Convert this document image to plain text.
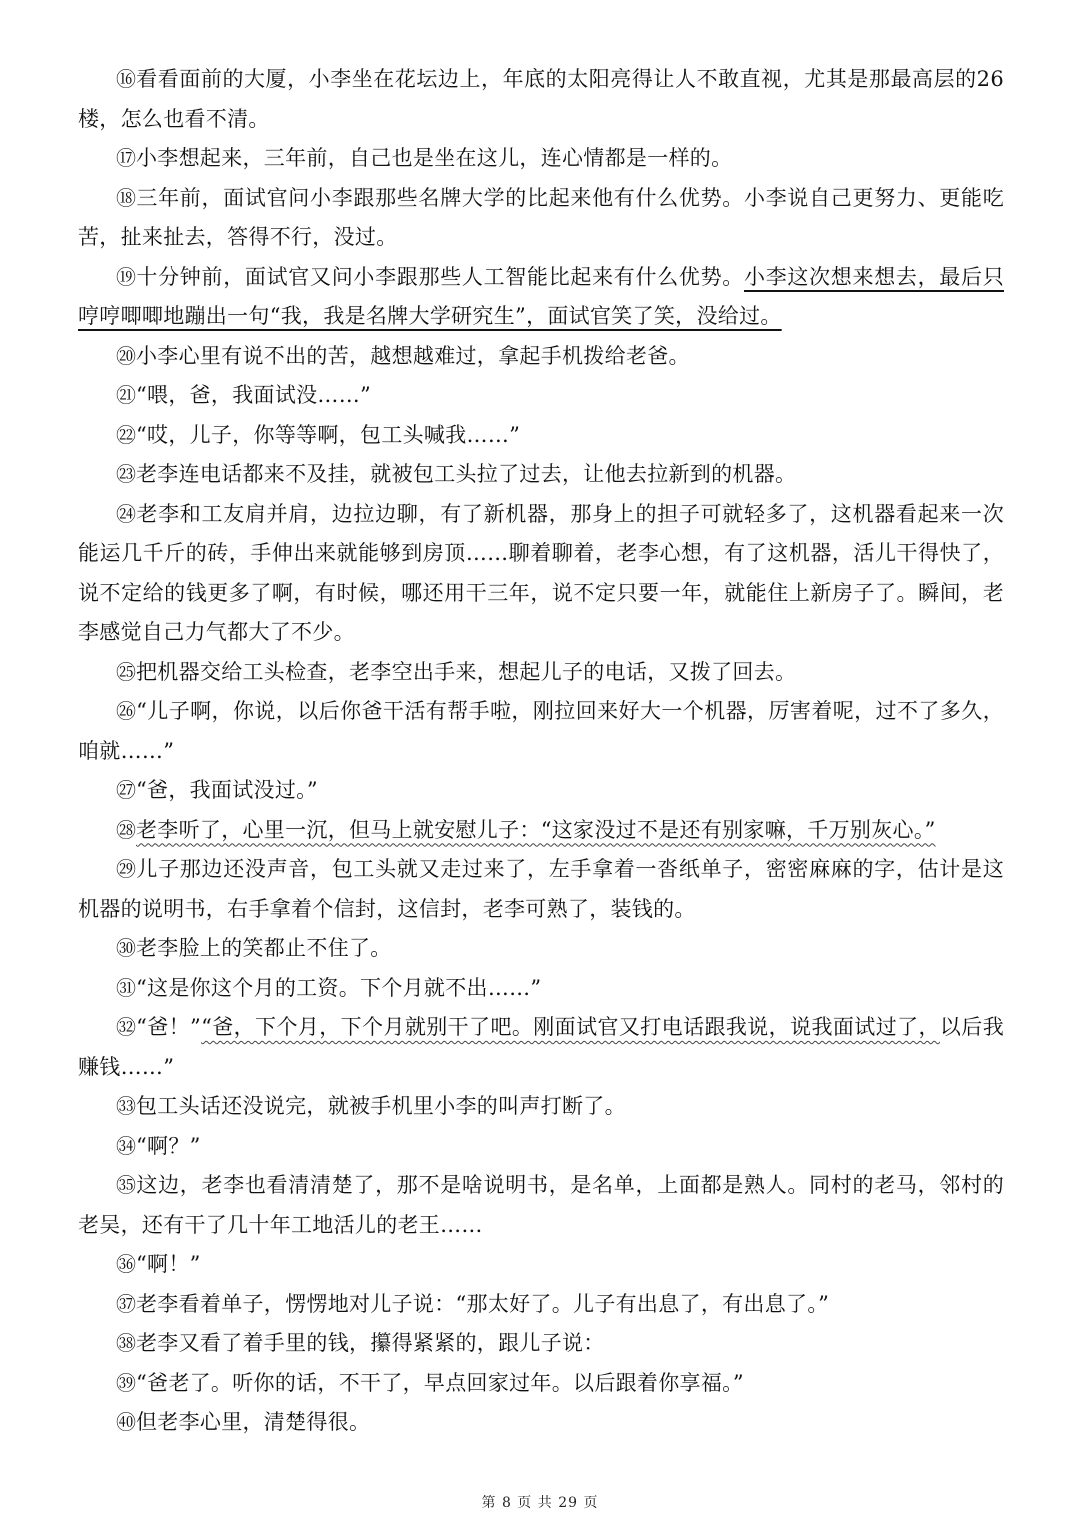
⑯看看面前的大厦，小李坐在花坛边上，年底的太阳亮得让人不敢直视，尤其是那最高层的26楼，怎么也看不清。

⑰小李想起来，三年前，自己也是坐在这儿，连心情都是一样的。

⑱三年前，面试官问小李跟那些名牌大学的比起来他有什么优势。小李说自己更努力、更能吃苦，扯来扯去，答得不行，没过。

⑲十分钟前，面试官又问小李跟那些人工智能比起来有什么优势。小李这次想来想去，最后只哼哼唧唧地蹦出一句“我，我是名牌大学研究生”，面试官笑了笑，没给过。

⑳小李心里有说不出的苦，越想越难过，拿起手机拨给老爸。

㉑“喂，爸，我面试没……”

㉒“哎，儿子，你等等啊，包工头喊我……”

㉓老李连电话都来不及挂，就被包工头拉了过去，让他去拉新到的机器。

㉔老李和工友肩并肩，边拉边聊，有了新机器，那身上的担子可就轻多了，这机器看起来一次能运几千斤的砖，手伸出来就能够到房顶……聊着聊着，老李心想，有了这机器，活儿干得快了，说不定给的钱更多了啊，有时候，哪还用干三年，说不定只要一年，就能住上新房子了。瞬间，老李感觉自己力气都大了不少。

㉕把机器交给工头检查，老李空出手来，想起儿子的电话，又拨了回去。

㉖“儿子啊，你说，以后你爸干活有帮手啦，刚拉回来好大一个机器，厉害着呢，过不了多久，咱就……”

㉗“爸，我面试没过。”

㉘老李听了，心里一沉，但马上就安慰儿子：“这家没过不是还有别家嘛，千万别灰心。”

㉙儿子那边还没声音，包工头就又走过来了，左手拿着一沓纸单子，密密麻麻的字，估计是这机器的说明书，右手拿着个信封，这信封，老李可熟了，装钱的。

㉚老李脸上的笑都止不住了。

㉛“这是你这个月的工资。下个月就不出……”

㉜“爸！”“爸，下个月，下个月就别干了吧。刚面试官又打电话跟我说，说我面试过了，以后我赚钱……”

㉝包工头话还没说完，就被手机里小李的叫声打断了。

㉞“啊？”

㉟这边，老李也看清清楚了，那不是啥说明书，是名单，上面都是熟人。同村的老马，邻村的老吴，还有干了几十年工地活儿的老王……

㊱“啊！”

㊲老李看着单子，愣愣地对儿子说：“那太好了。儿子有出息了，有出息了。”

㊳老李又看了着手里的钱，攥得紧紧的，跟儿子说：

㊴“爸老了。听你的话，不干了，早点回家过年。以后跟着你享福。”

㊵但老李心里，清楚得很。

第 8 页 共 29 页
